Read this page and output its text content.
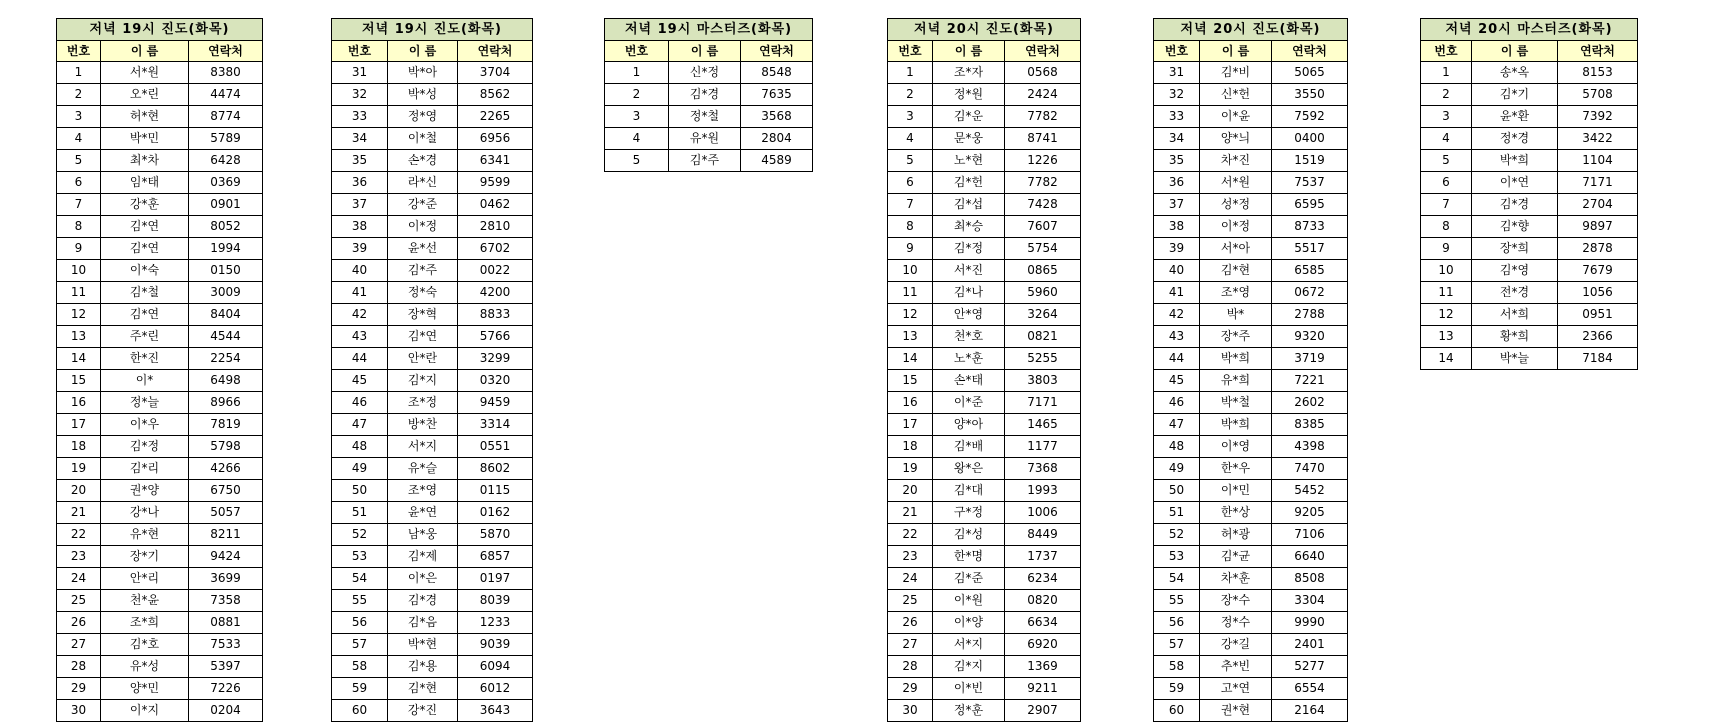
저녁 19시 진도(화목)		
번호	이 름	연락처
1	서*원	8380
2	오*린	4474
3	허*현	8774
4	박*민	5789
5	최*차	6428
6	임*태	0369
7	강*훈	0901
8	김*연	8052
9	김*연	1994
10	이*숙	0150
11	김*철	3009
12	김*연	8404
13	주*린	4544
14	한*진	2254
15	이*	6498
16	정*늘	8966
17	이*우	7819
18	김*정	5798
19	김*리	4266
20	권*양	6750
21	강*나	5057
22	유*현	8211
23	장*기	9424
24	안*리	3699
25	천*윤	7358
26	조*희	0881
27	김*호	7533
28	유*성	5397
29	양*민	7226
30	이*지	0204
저녁 19시 진도(화목)		
번호	이 름	연락처
31	박*아	3704
32	박*성	8562
33	정*영	2265
34	이*철	6956
35	손*경	6341
36	라*신	9599
37	강*준	0462
38	이*정	2810
39	윤*선	6702
40	김*주	0022
41	정*숙	4200
42	장*혁	8833
43	김*연	5766
44	안*란	3299
45	김*지	0320
46	조*정	9459
47	방*찬	3314
48	서*지	0551
49	유*슬	8602
50	조*영	0115
51	윤*연	0162
52	남*웅	5870
53	김*제	6857
54	이*은	0197
55	김*경	8039
56	김*음	1233
57	박*현	9039
58	김*용	6094
59	김*현	6012
60	강*진	3643
저녁 19시 마스터즈(화목)		
번호	이 름	연락처
1	신*정	8548
2	김*경	7635
3	정*철	3568
4	유*원	2804
5	김*주	4589
저녁 20시 진도(화목)		
번호	이 름	연락처
1	조*자	0568
2	정*원	2424
3	김*운	7782
4	문*웅	8741
5	노*현	1226
6	김*헌	7782
7	김*섭	7428
8	최*승	7607
9	김*정	5754
10	서*진	0865
11	김*나	5960
12	안*영	3264
13	천*호	0821
14	노*훈	5255
15	손*태	3803
16	이*준	7171
17	양*아	1465
18	김*배	1177
19	왕*은	7368
20	김*대	1993
21	구*정	1006
22	김*성	8449
23	한*명	1737
24	김*준	6234
25	이*원	0820
26	이*양	6634
27	서*지	6920
28	김*지	1369
29	이*빈	9211
30	정*훈	2907
저녁 20시 진도(화목)		
번호	이 름	연락처
31	김*비	5065
32	신*헌	3550
33	이*윤	7592
34	양*늬	0400
35	차*진	1519
36	서*원	7537
37	성*정	6595
38	이*정	8733
39	서*아	5517
40	김*현	6585
41	조*영	0672
42	박*	2788
43	장*주	9320
44	박*희	3719
45	유*희	7221
46	박*철	2602
47	박*희	8385
48	이*영	4398
49	한*우	7470
50	이*민	5452
51	한*상	9205
52	허*광	7106
53	김*균	6640
54	차*훈	8508
55	장*수	3304
56	정*수	9990
57	강*길	2401
58	추*빈	5277
59	고*연	6554
60	권*현	2164
저녁 20시 마스터즈(화목)		
번호	이 름	연락처
1	송*옥	8153
2	김*기	5708
3	윤*환	7392
4	정*경	3422
5	박*희	1104
6	이*연	7171
7	김*경	2704
8	김*향	9897
9	장*희	2878
10	김*영	7679
11	전*경	1056
12	서*희	0951
13	황*희	2366
14	박*늘	7184
